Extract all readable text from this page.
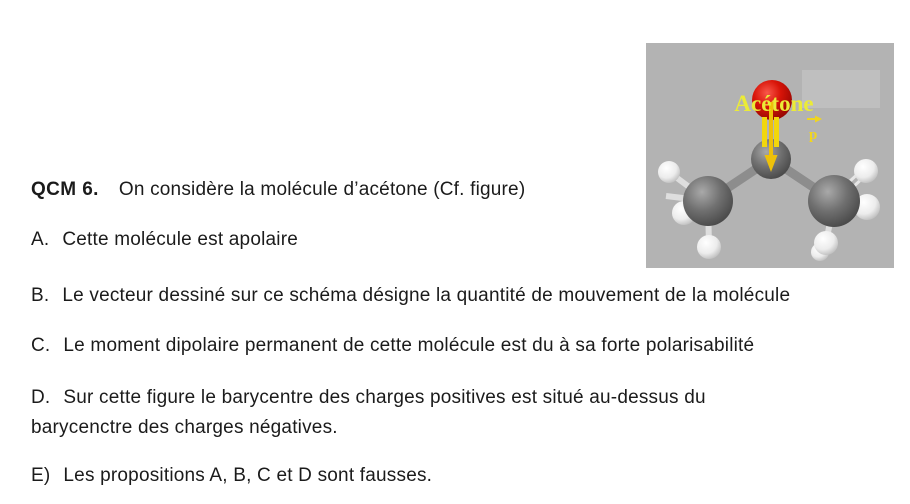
QCM 6. On considère la molécule d’acétone (Cf. figure)
A. Cette molécule est apolaire
B. Le vecteur dessiné sur ce schéma désigne la quantité de mouvement de la molécule
C. Le moment dipolaire permanent de cette molécule est du à sa forte polarisabilité
D. Sur cette figure le barycentre des charges positives est situé au-dessus du
barycenctre des charges négatives.
E) Les propositions A, B, C et D sont fausses.
p
Acétone
